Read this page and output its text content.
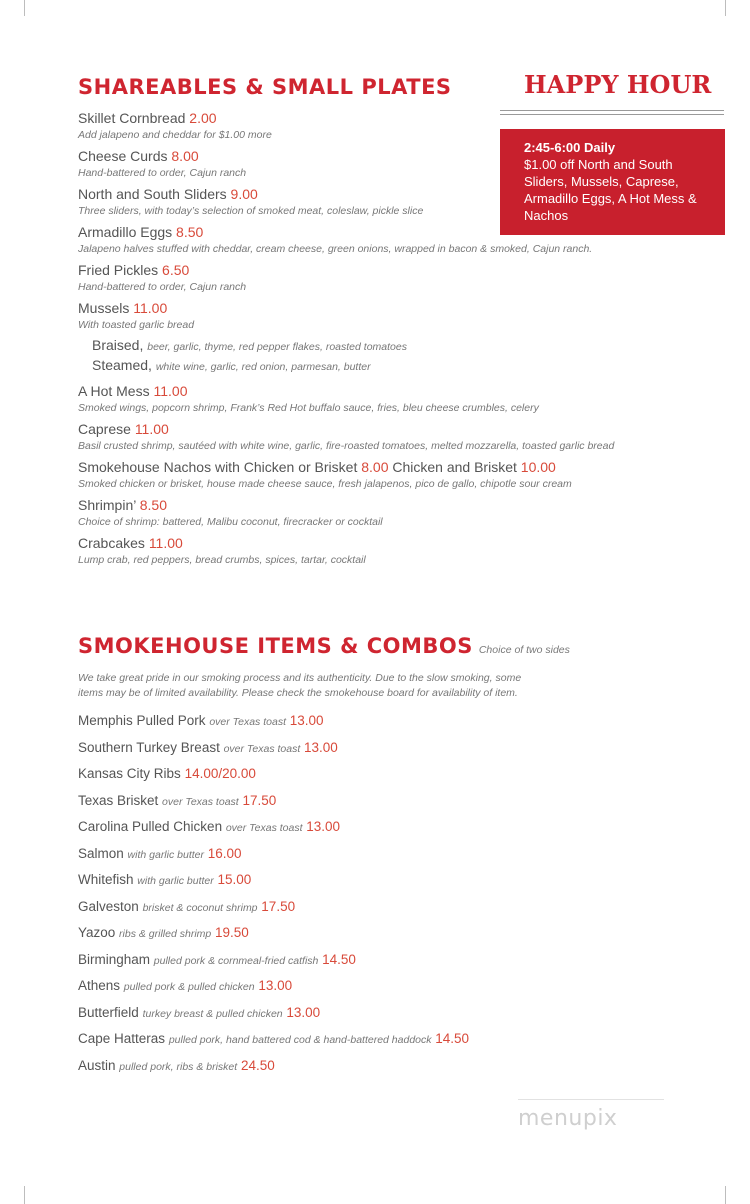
SHAREABLES & SMALL PLATES
Skillet Cornbread 2.00
Add jalapeno and cheddar for $1.00 more
Cheese Curds 8.00
Hand-battered to order, Cajun ranch
North and South Sliders 9.00
Three sliders, with today’s selection of smoked meat, coleslaw, pickle slice
Armadillo Eggs 8.50
Jalapeno halves stuffed with cheddar, cream cheese, green onions, wrapped in bacon & smoked, Cajun ranch.
Fried Pickles 6.50
Hand-battered to order, Cajun ranch
Mussels 11.00
With toasted garlic bread
Braised, beer, garlic, thyme, red pepper flakes, roasted tomatoes
Steamed, white wine, garlic, red onion, parmesan, butter
A Hot Mess 11.00
Smoked wings, popcorn shrimp, Frank’s Red Hot buffalo sauce, fries, bleu cheese crumbles, celery
Caprese 11.00
Basil crusted shrimp, sautéed with white wine, garlic, fire-roasted tomatoes, melted mozzarella, toasted garlic bread
Smokehouse Nachos with Chicken or Brisket 8.00 Chicken and Brisket 10.00
Smoked chicken or brisket, house made cheese sauce, fresh jalapenos, pico de gallo, chipotle sour cream
Shrimpin’ 8.50
Choice of shrimp: battered, Malibu coconut, firecracker or cocktail
Crabcakes 11.00
Lump crab, red peppers, bread crumbs, spices, tartar, cocktail
HAPPY HOUR
2:45-6:00 Daily
$1.00 off North and South Sliders, Mussels, Caprese, Armadillo Eggs, A Hot Mess & Nachos
SMOKEHOUSE ITEMS & COMBOS Choice of two sides
We take great pride in our smoking process and its authenticity. Due to the slow smoking, some
items may be of limited availability. Please check the smokehouse board for availability of item.
Memphis Pulled Pork over Texas toast 13.00
Southern Turkey Breast over Texas toast 13.00
Kansas City Ribs 14.00/20.00
Texas Brisket over Texas toast 17.50
Carolina Pulled Chicken over Texas toast 13.00
Salmon with garlic butter 16.00
Whitefish with garlic butter 15.00
Galveston brisket & coconut shrimp 17.50
Yazoo ribs & grilled shrimp 19.50
Birmingham pulled pork & cornmeal-fried catfish 14.50
Athens pulled pork & pulled chicken 13.00
Butterfield turkey breast & pulled chicken 13.00
Cape Hatteras pulled pork, hand battered cod & hand-battered haddock 14.50
Austin pulled pork, ribs & brisket 24.50
menupix
